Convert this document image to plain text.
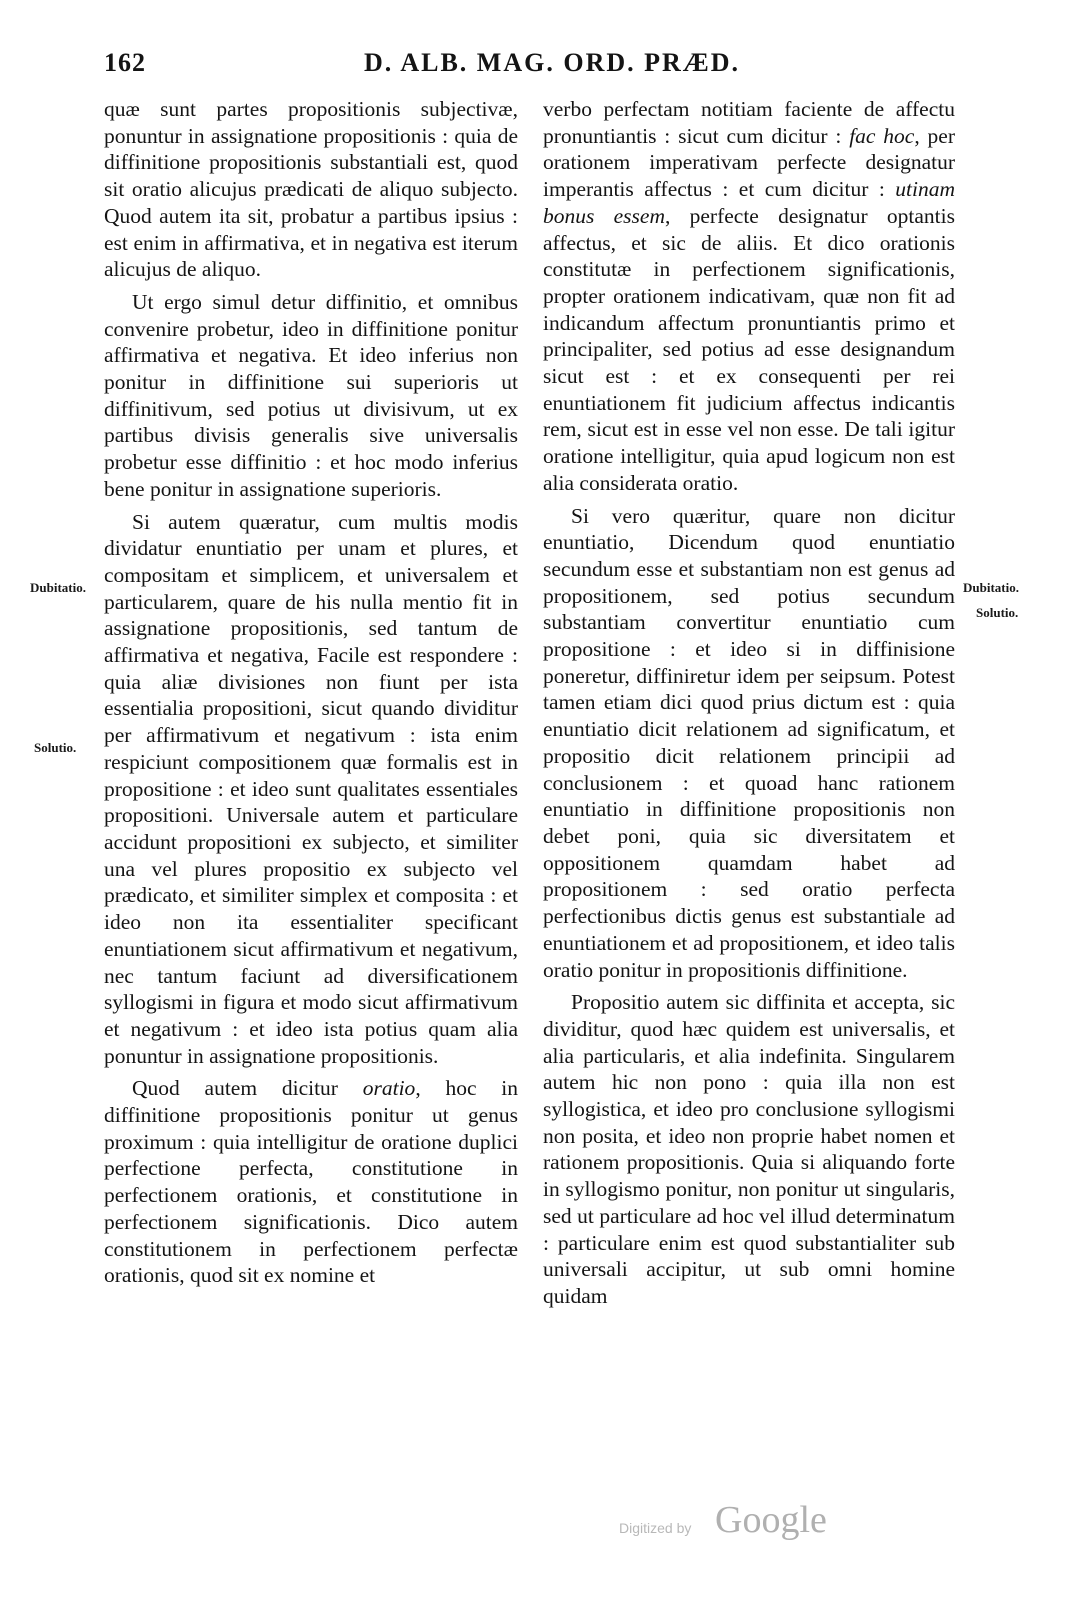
162	D. ALB. MAG. ORD. PRÆD.
Dubitatio.
Solutio.
Dubitatio.
Solutio.

quæ sunt partes propositionis subjectivæ, ponuntur in assignatione propositionis : quia de diffinitione propositionis substantiali est, quod sit oratio alicujus prædicati de aliquo subjecto. Quod autem ita sit, probatur a partibus ipsius : est enim in affirmativa, et in negativa est iterum alicujus de aliquo.

Ut ergo simul detur diffinitio, et omnibus convenire probetur, ideo in diffinitione ponitur affirmativa et negativa. Et ideo inferius non ponitur in diffinitione sui superioris ut diffinitivum, sed potius ut divisivum, ut ex partibus divisis generalis sive universalis probetur esse diffinitio : et hoc modo inferius bene ponitur in assignatione superioris.

Si autem quæratur, cum multis modis dividatur enuntiatio per unam et plures, et compositam et simplicem, et universalem et particularem, quare de his nulla mentio fit in assignatione propositionis, sed tantum de affirmativa et negativa, Facile est respondere : quia aliæ divisiones non fiunt per ista essentialia propositioni, sicut quando dividitur per affirmativum et negativum : ista enim respiciunt compositionem quæ formalis est in propositione : et ideo sunt qualitates essentiales propositioni. Universale autem et particulare accidunt propositioni ex subjecto, et similiter una vel plures propositio ex subjecto vel prædicato, et similiter simplex et composita : et ideo non ita essentialiter specificant enuntiationem sicut affirmativum et negativum, nec tantum faciunt ad diversificationem syllogismi in figura et modo sicut affirmativum et negativum : et ideo ista potius quam alia ponuntur in assignatione propositionis.

Quod autem dicitur oratio, hoc in diffinitione propositionis ponitur ut genus proximum : quia intelligitur de oratione duplici perfectione perfecta, constitutione in perfectionem orationis, et constitutione in perfectionem significationis. Dico autem constitutionem in perfectionem perfectæ orationis, quod sit ex nomine et

verbo perfectam notitiam faciente de affectu pronuntiantis : sicut cum dicitur : fac hoc, per orationem imperativam perfecte designatur imperantis affectus : et cum dicitur : utinam bonus essem, perfecte designatur optantis affectus, et sic de aliis. Et dico orationis constitutæ in perfectionem significationis, propter orationem indicativam, quæ non fit ad indicandum affectum pronuntiantis primo et principaliter, sed potius ad esse designandum sicut est : et ex consequenti per rei enuntiationem fit judicium affectus indicantis rem, sicut est in esse vel non esse. De tali igitur oratione intelligitur, quia apud logicum non est alia considerata oratio.

Si vero quæritur, quare non dicitur enuntiatio, Dicendum quod enuntiatio secundum esse et substantiam non est genus ad propositionem, sed potius secundum substantiam convertitur enuntiatio cum propositione : et ideo si in diffinisione poneretur, diffiniretur idem per seipsum. Potest tamen etiam dici quod prius dictum est : quia enuntiatio dicit relationem ad significatum, et propositio dicit relationem principii ad conclusionem : et quoad hanc rationem enuntiatio in diffinitione propositionis non debet poni, quia sic diversitatem et oppositionem quamdam habet ad propositionem : sed oratio perfecta perfectionibus dictis genus est substantiale ad enuntiationem et ad propositionem, et ideo talis oratio ponitur in propositionis diffinitione.

Propositio autem sic diffinita et accepta, sic dividitur, quod hæc quidem est universalis, et alia particularis, et alia indefinita. Singularem autem hic non pono : quia illa non est syllogistica, et ideo pro conclusione syllogismi non posita, et ideo non proprie habet nomen et rationem propositionis. Quia si aliquando forte in syllogismo ponitur, non ponitur ut singularis, sed ut particulare ad hoc vel illud determinatum : particulare enim est quod substantialiter sub universali accipitur, ut sub omni homine quidam

Digitized by Google
